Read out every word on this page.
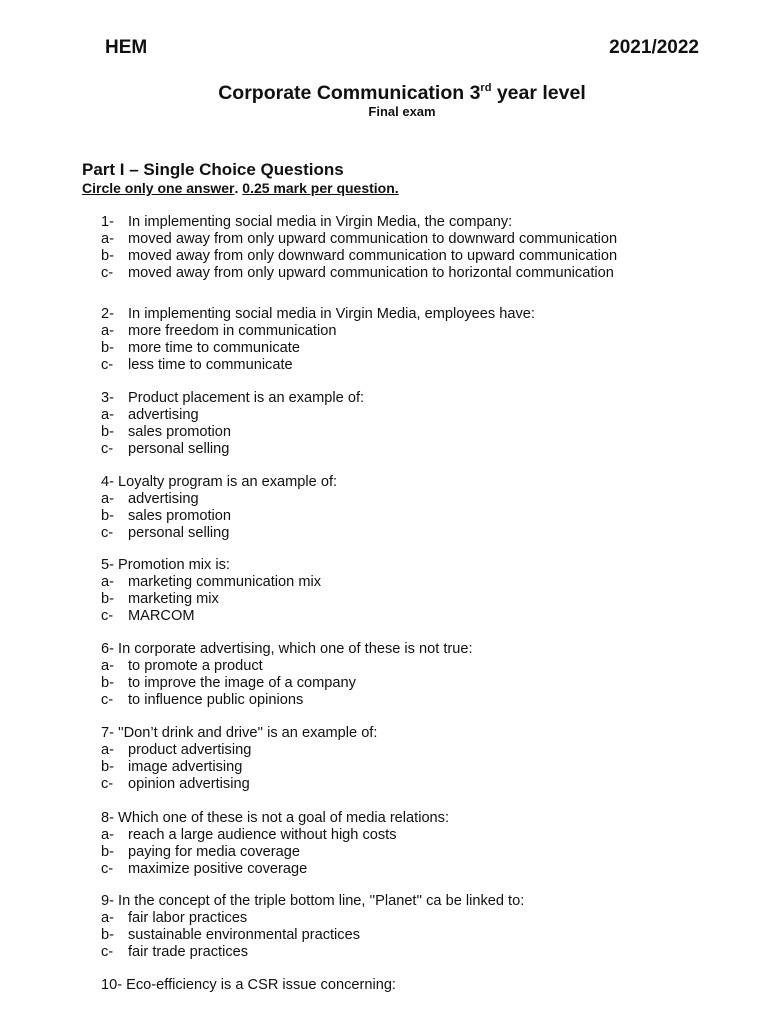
HEM	2021/2022
Corporate Communication 3rd year level
Final exam
Part I – Single Choice Questions
Circle only one answer. 0.25 mark per question.
1- In implementing social media in Virgin Media, the company:
a- moved away from only upward communication to downward communication
b- moved away from only downward communication to upward communication
c- moved away from only upward communication to horizontal communication
2- In implementing social media in Virgin Media, employees have:
a- more freedom in communication
b- more time to communicate
c- less time to communicate
3- Product placement is an example of:
a- advertising
b- sales promotion
c- personal selling
4- Loyalty program is an example of:
a- advertising
b- sales promotion
c- personal selling
5- Promotion mix is:
a- marketing communication mix
b- marketing mix
c- MARCOM
6- In corporate advertising, which one of these is not true:
a- to promote a product
b- to improve the image of a company
c- to influence public opinions
7- ''Don’t drink and drive'' is an example of:
a- product advertising
b- image advertising
c- opinion advertising
8- Which one of these is not a goal of media relations:
a- reach a large audience without high costs
b- paying for media coverage
c- maximize positive coverage
9- In the concept of the triple bottom line, ''Planet'' ca be linked to:
a- fair labor practices
b- sustainable environmental practices
c- fair trade practices
10- Eco-efficiency is a CSR issue concerning:
